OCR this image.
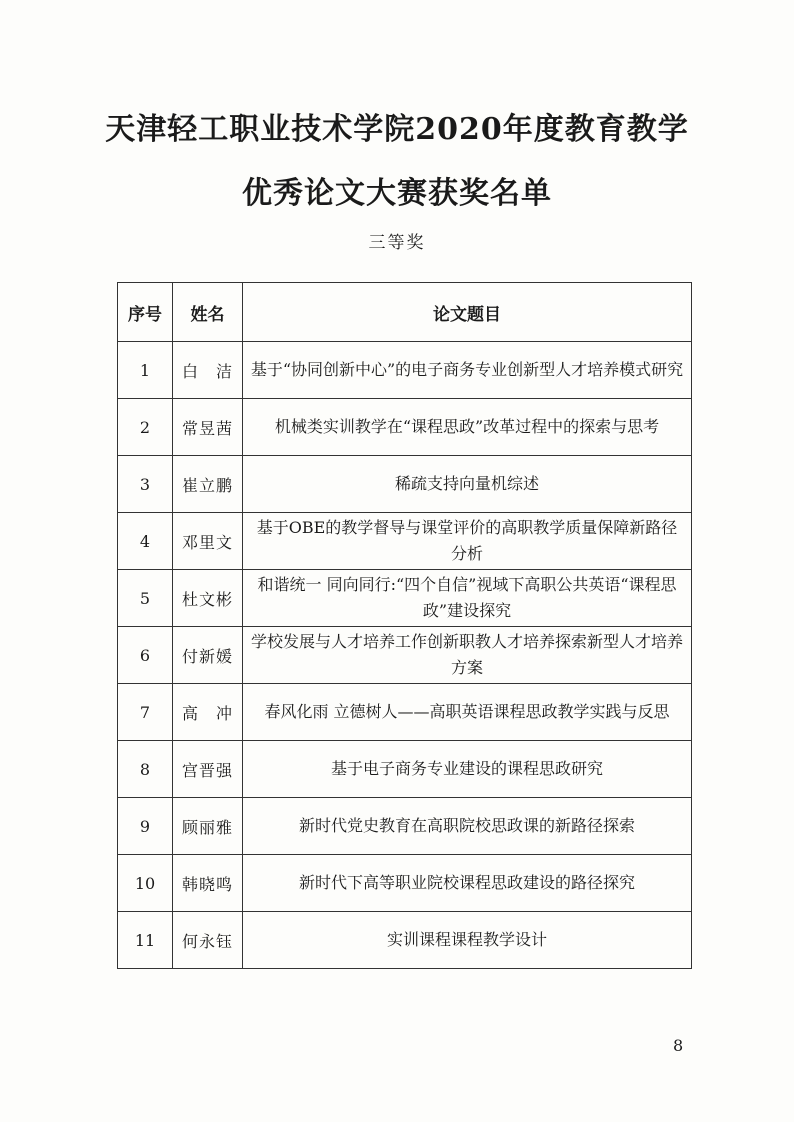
天津轻工职业技术学院2020年度教育教学
优秀论文大赛获奖名单
三等奖
序号	姓名	论文题目
1	白　洁	基于“协同创新中心”的电子商务专业创新型人才培养模式研究
2	常昱茜	机械类实训教学在“课程思政”改革过程中的探索与思考
3	崔立鹏	稀疏支持向量机综述
4	邓里文	基于OBE的教学督导与课堂评价的高职教学质量保障新路径分析
5	杜文彬	和谐统一 同向同行:“四个自信”视域下高职公共英语“课程思政”建设探究
6	付新媛	学校发展与人才培养工作创新职教人才培养探索新型人才培养方案
7	高　冲	春风化雨 立德树人——高职英语课程思政教学实践与反思
8	宫晋强	基于电子商务专业建设的课程思政研究
9	顾丽雅	新时代党史教育在高职院校思政课的新路径探索
10	韩晓鸣	新时代下高等职业院校课程思政建设的路径探究
11	何永钰	实训课程课程教学设计
8
